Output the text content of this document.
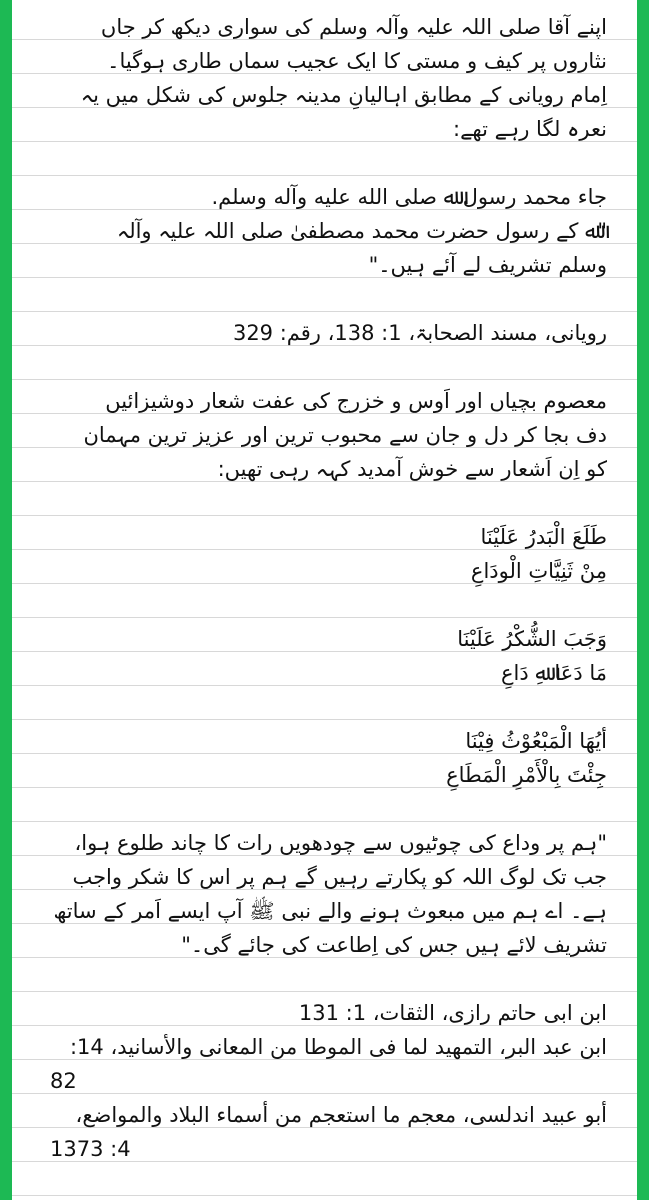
اپنے آقا صلی اللہ علیہ وآلہ وسلم کی سواری دیکھ کر جاں
نثاروں پر کیف و مستی کا ایک عجیب سماں طاری ہوگیا۔
اِمام رویانی کے مطابق اہالیانِ مدینہ جلوس کی شکل میں یہ
نعرہ لگا رہے تھے:
جاء محمد رسول ﷲ صلی الله عليه وآله وسلم.
"ﷲ کے رسول حضرت محمد مصطفیٰ صلی اللہ علیہ وآلہ
وسلم تشریف لے آئے ہیں۔"
رویانی، مسند الصحابۃ، 1: 138، رقم: 329
معصوم بچیاں اور اَوس و خزرج کی عفت شعار دوشیزائیں
دف بجا کر دل و جان سے محبوب ترین اور عزیز ترین مہمان
کو اِن اَشعار سے خوش آمدید کہہ رہی تھیں:
طَلَعَ الْبَدرُ عَلَيْنَا
مِنْ ثَنِيَّاتِ الْودَاعِ
وَجَبَ الشُّکْرُ عَلَيْنَا
مَا دَعَا ﷲِ دَاعِ
أيُهَا الْمَبْعُوْثُ فِيْنَا
جِئْتَ بِالْأَمْرِ الْمَطَاعِ
"ہم پر وداع کی چوٹیوں سے چودھویں رات کا چاند طلوع ہوا،
جب تک لوگ اللہ کو پکارتے رہیں گے ہم پر اس کا شکر واجب
ہے۔ اے ہم میں مبعوث ہونے والے نبی ﷺ آپ ایسے اَمر کے ساتھ
تشریف لائے ہیں جس کی اِطاعت کی جائے گی۔"
ابن ابی حاتم رازی، الثقات، 1: 131
ابن عبد البر، التمهيد لما فی الموطا من المعانی والأسانيد، 14:
82
أبو عبيد اندلسی، معجم ما استعجم من أسماء البلاد والمواضع،
4: 1373
